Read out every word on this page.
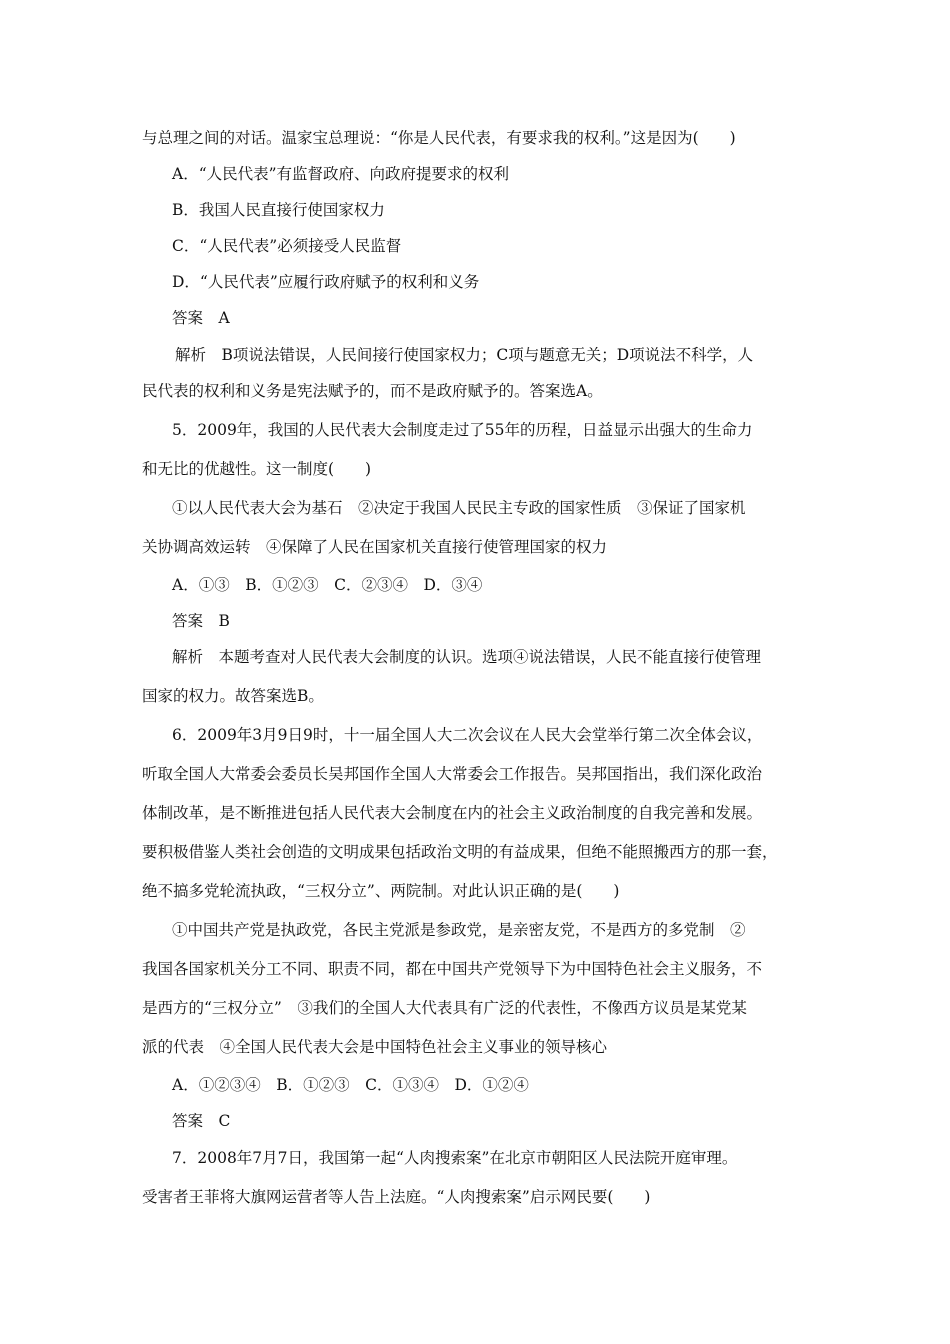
与总理之间的对话。温家宝总理说：“你是人民代表，有要求我的权利。”这是因为(　　)
A．“人民代表”有监督政府、向政府提要求的权利
B．我国人民直接行使国家权力
C．“人民代表”必须接受人民监督
D．“人民代表”应履行政府赋予的权利和义务
答案　A
解析　B项说法错误，人民间接行使国家权力；C项与题意无关；D项说法不科学，人
民代表的权利和义务是宪法赋予的，而不是政府赋予的。答案选A。
5．2009年，我国的人民代表大会制度走过了55年的历程，日益显示出强大的生命力
和无比的优越性。这一制度(　　)
①以人民代表大会为基石　②决定于我国人民民主专政的国家性质　③保证了国家机
关协调高效运转　④保障了人民在国家机关直接行使管理国家的权力
A．①③　B．①②③　C．②③④　D．③④
答案　B
解析　本题考查对人民代表大会制度的认识。选项④说法错误，人民不能直接行使管理
国家的权力。故答案选B。
6．2009年3月9日9时，十一届全国人大二次会议在人民大会堂举行第二次全体会议，
听取全国人大常委会委员长吴邦国作全国人大常委会工作报告。吴邦国指出，我们深化政治
体制改革，是不断推进包括人民代表大会制度在内的社会主义政治制度的自我完善和发展。
要积极借鉴人类社会创造的文明成果包括政治文明的有益成果，但绝不能照搬西方的那一套，
绝不搞多党轮流执政，“三权分立”、两院制。对此认识正确的是(　　)
①中国共产党是执政党，各民主党派是参政党，是亲密友党，不是西方的多党制　②
我国各国家机关分工不同、职责不同，都在中国共产党领导下为中国特色社会主义服务，不
是西方的“三权分立”　③我们的全国人大代表具有广泛的代表性，不像西方议员是某党某
派的代表　④全国人民代表大会是中国特色社会主义事业的领导核心
A．①②③④　B．①②③　C．①③④　D．①②④
答案　C
7．2008年7月7日，我国第一起“人肉搜索案”在北京市朝阳区人民法院开庭审理。
受害者王菲将大旗网运营者等人告上法庭。“人肉搜索案”启示网民要(　　)
